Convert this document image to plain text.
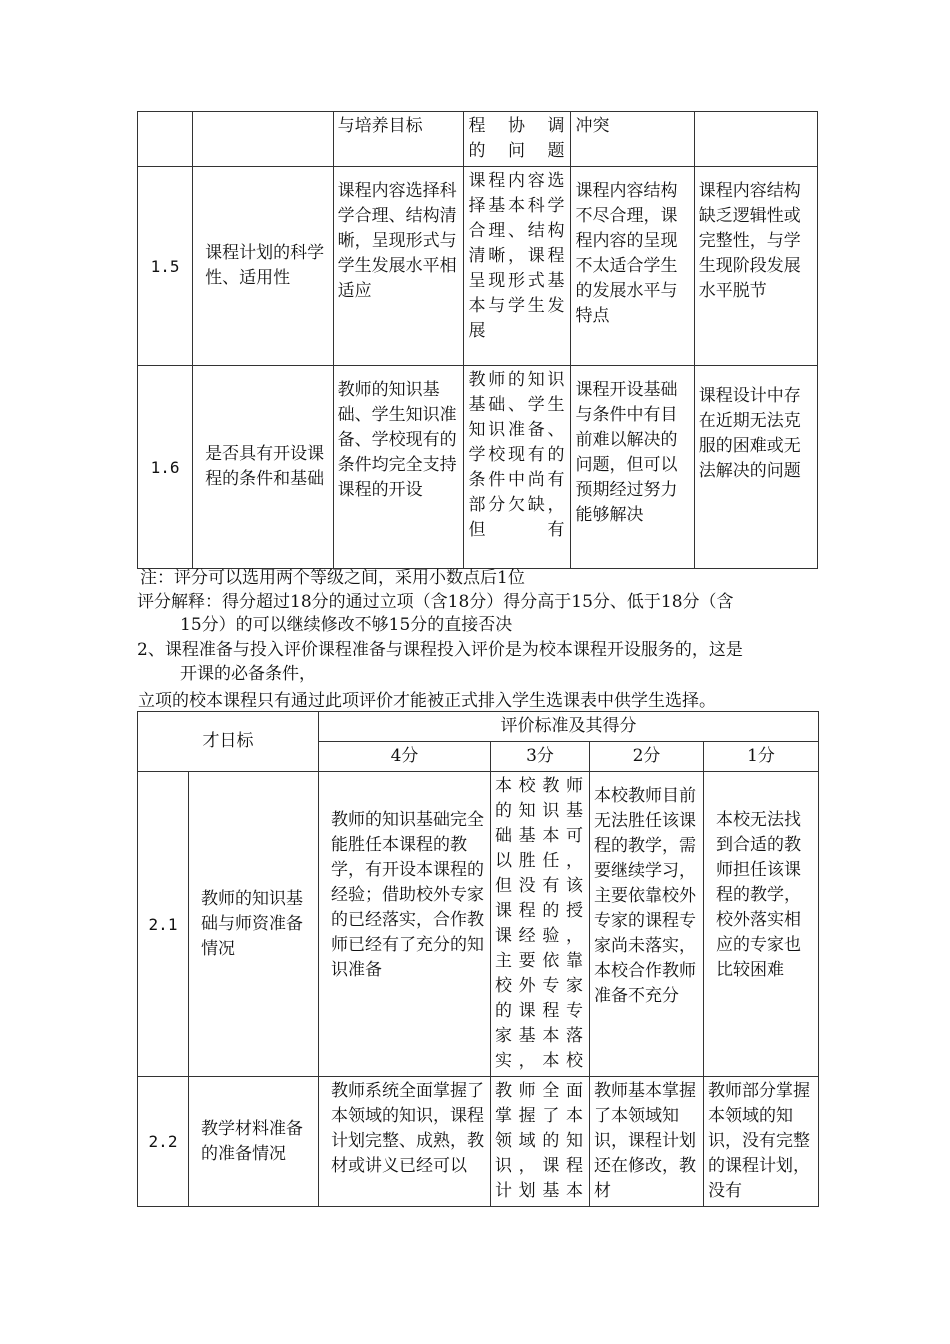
		与培养目标	程 协 调 的问题	冲突	
1.5	课程计划的科学性、适用性	课程内容选择科学合理、结构清晰，呈现形式与学生发展水平相适应	课程内容选择基本科学合理、结构清晰，课程呈现形式基本与学生发展	课程内容结构不尽合理，课程内容的呈现不太适合学生的发展水平与特点	课程内容结构缺乏逻辑性或完整性，与学生现阶段发展水平脱节
1.6	是否具有开设课程的条件和基础	教师的知识基础、学生知识准备、学校现有的条件均完全支持课程的开设	教师的知识基础、学生知识准备、学校现有的条件中尚有部分欠缺，但有	课程开设基础与条件中有目前难以解决的问题，但可以预期经过努力能够解决	课程设计中存在近期无法克服的困难或无法解决的问题
注：评分可以选用两个等级之间，采用小数点后1位
评分解释：得分超过18分的通过立项（含18分）得分高于15分、低于18分（含
15分）的可以继续修改不够15分的直接否决
2、课程准备与投入评价课程准备与课程投入评价是为校本课程开设服务的，这是
开课的必备条件，
立项的校本课程只有通过此项评价才能被正式排入学生选课表中供学生选择。
才日标		评价标准及其得分			
		4分	3分	2分	1分
2.1	教师的知识基础与师资准备情况	教师的知识基础完全能胜任本课程的教学，有开设本课程的经验；借助校外专家的已经落实，合作教师已经有了充分的知识准备	本校教师的知识基础基本可以胜任，但没有该课程的授课经验，主要依靠校外专家的课程专家基本落实，本校	本校教师目前无法胜任该课程的教学，需要继续学习，主要依靠校外专家的课程专家尚未落实，本校合作教师准备不充分	本校无法找到合适的教师担任该课程的教学，校外落实相应的专家也比较困难
2.2	教学材料准备的准备情况	教师系统全面掌握了本领域的知识，课程计划完整、成熟，教材或讲义已经可以	教师全面掌握了本领域的知识，课程计划基本	教师基本掌握了本领域知识，课程计划还在修改，教材	教师部分掌握本领域的知识，没有完整的课程计划，没有
